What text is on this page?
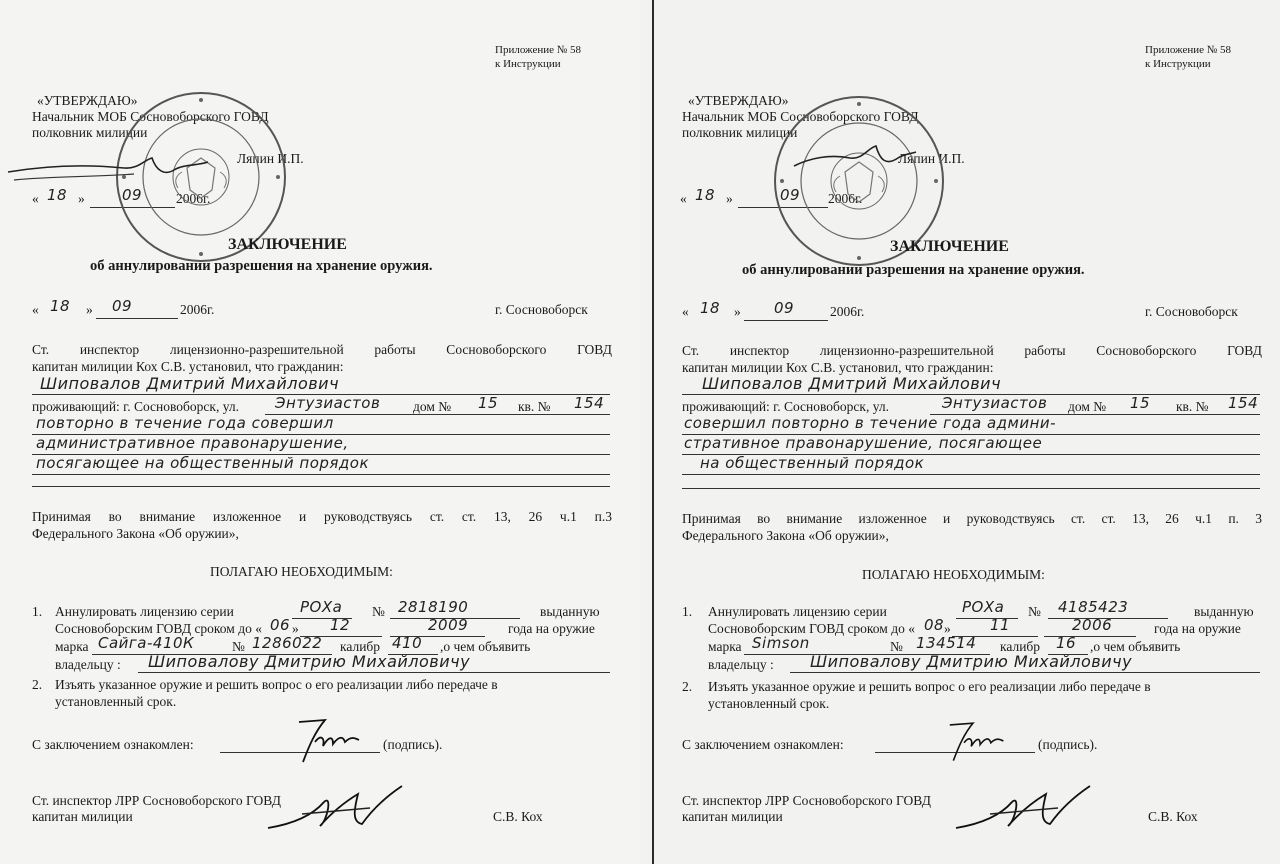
Приложение № 58
к Инструкции
«УТВЕРЖДАЮ»
Начальник МОБ Сосновоборского ГОВД
полковник милиции
Ляпин И.П.
« 18 » 09	2006г.
ЗАКЛЮЧЕНИЕ
об аннулировании разрешения на хранение оружия.
« 18 » 09	2006г.	г. Сосновоборск
Ст. инспектор лицензионно-разрешительной работы Сосновоборского ГОВД
капитан милиции Кох С.В. установил, что гражданин:
Шиповалов Дмитрий Михайлович
проживающий: г. Сосновоборск, ул. Энтузиастов дом № 15 кв. № 154
повторно в течение года совершил
административное правонарушение,
посягающее на общественный порядок
Принимая во внимание изложенное и руководствуясь ст. ст. 13, 26 ч.1 п.3
Федерального Закона «Об оружии»,
ПОЛАГАЮ НЕОБХОДИМЫМ:
1. Аннулировать лицензию серии	РОХа № 2818190	выданную
Сосновоборским ГОВД сроком до « 06 » 12	2009	года на оружие
марка Сайга-410К	№ 1286022 калибр 410 ,о чем объявить
владельцу : Шиповалову Дмитрию Михайловичу
2. Изъять указанное оружие и решить вопрос о его реализации либо передаче в
установленный срок.
С заключением ознакомлен:	(подпись).
Ст. инспектор ЛРР Сосновоборского ГОВД
капитан милиции	С.В. Кох
Приложение № 58
к Инструкции
«УТВЕРЖДАЮ»
Начальник МОБ Сосновоборского ГОВД
полковник милиции
Ляпин И.П.
« 18 »	09 2006г.
ЗАКЛЮЧЕНИЕ
об аннулировании разрешения на хранение оружия.
« 18 » 09	2006г.	г. Сосновоборск
Ст. инспектор лицензионно-разрешительной работы Сосновоборского ГОВД
капитан милиции Кох С.В. установил, что гражданин:
Шиповалов Дмитрий Михайлович
проживающий: г. Сосновоборск, ул.	Энтузиастов дом № 15 кв. № 154
совершил повторно в течение года админи-
стративное правонарушение, посягающее
на общественный порядок
Принимая во внимание изложенное и руководствуясь ст. ст. 13, 26 ч.1 п. 3
Федерального Закона «Об оружии»,
ПОЛАГАЮ НЕОБХОДИМЫМ:
1. Аннулировать лицензию серии	РОХа № 4185423	выданную
Сосновоборским ГОВД сроком до « 08 »	11	2006	года на оружие
марка Simson	№ 134514 калибр 16 ,о чем объявить
владельцу : Шиповалову Дмитрию Михайловичу
2. Изъять указанное оружие и решить вопрос о его реализации либо передаче в
установленный срок.
С заключением ознакомлен:	(подпись).
Ст. инспектор ЛРР Сосновоборского ГОВД
капитан милиции	С.В. Кох
